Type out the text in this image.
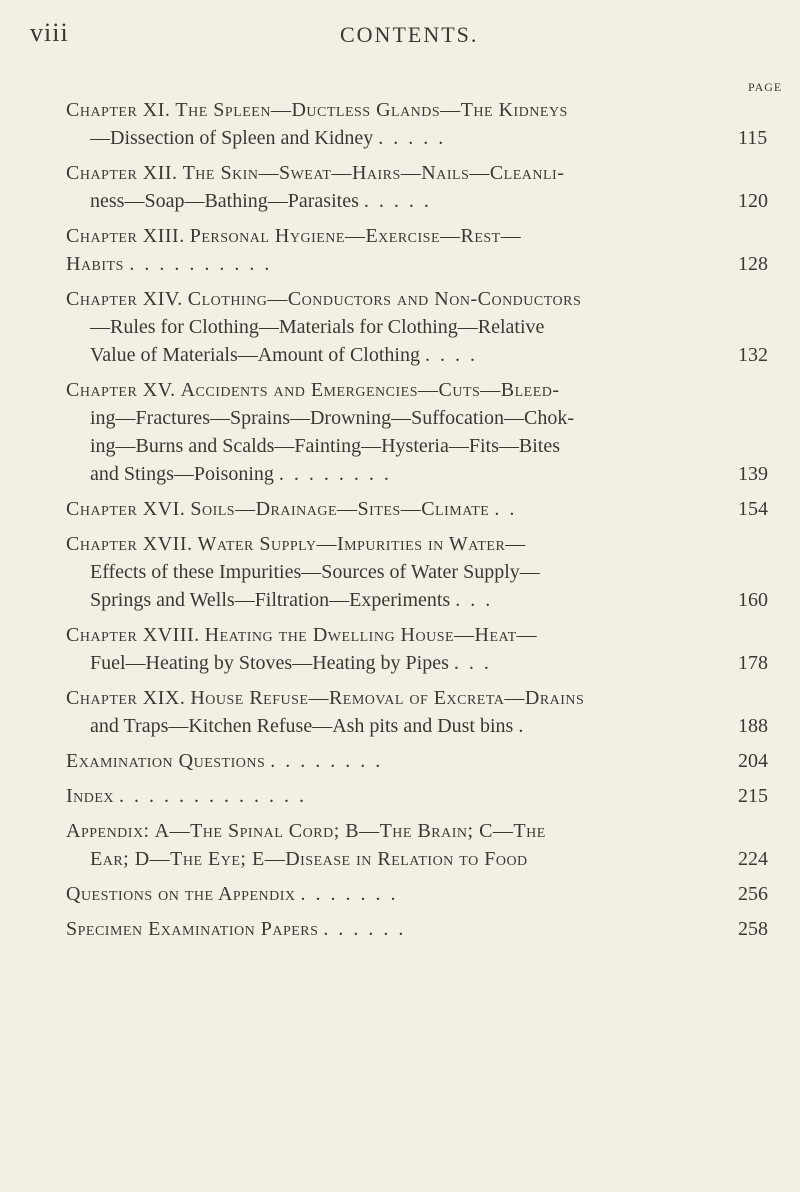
viii	CONTENTS.
PAGE
Chapter XI. The Spleen—Ductless Glands—The Kidneys
—Dissection of Spleen and Kidney .....	115
Chapter XII. The Skin—Sweat—Hairs—Nails—Cleanli-
ness—Soap—Bathing—Parasites .....	120
Chapter XIII. Personal Hygiene—Exercise—Rest—
Habits ..........	128
Chapter XIV. Clothing—Conductors and Non-Conductors
—Rules for Clothing—Materials for Clothing—Relative
Value of Materials—Amount of Clothing ....	132
Chapter XV. Accidents and Emergencies—Cuts—Bleed-
ing—Fractures—Sprains—Drowning—Suffocation—Chok-
ing—Burns and Scalds—Fainting—Hysteria—Fits—Bites
and Stings—Poisoning ........	139
Chapter XVI. Soils—Drainage—Sites—Climate ..	154
Chapter XVII. Water Supply—Impurities in Water—
Effects of these Impurities—Sources of Water Supply—
Springs and Wells—Filtration—Experiments ...	160
Chapter XVIII. Heating the Dwelling House—Heat—
Fuel—Heating by Stoves—Heating by Pipes ...	178
Chapter XIX. House Refuse—Removal of Excreta—Drains
and Traps—Kitchen Refuse—Ash pits and Dust bins .	188
Examination Questions ........	204
Index .............	215
Appendix: A—The Spinal Cord; B—The Brain; C—The
Ear; D—The Eye; E—Disease in Relation to Food	224
Questions on the Appendix .......	256
Specimen Examination Papers ......	258
